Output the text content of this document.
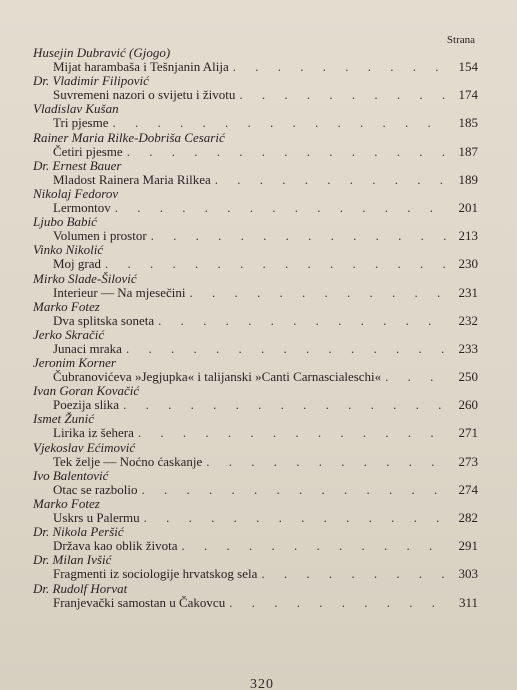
Strana
Husejin Dubravić (Gjogo)
Mijat harambaša i Tešnjanin Alija . . .	154
Dr. Vladimir Filipović
Suvremeni nazori o svijetu i životu . . .	174
Vladislav Kušan
Tri pjesme . . .	185
Rainer Maria Rilke-Dobriša Cesarić
Četiri pjesme . . .	187
Dr. Ernest Bauer
Mladost Rainera Maria Rilkea . . .	189
Nikolaj Fedorov
Lermontov . . .	201
Ljubo Babić
Volumen i prostor . . .	213
Vinko Nikolić
Moj grad . . .	230
Mirko Slade-Šilović
Interieur — Na mjesečini . . .	231
Marko Fotez
Dva splitska soneta . . .	232
Jerko Skračić
Junaci mraka . . .	233
Jeronim Korner
Čubranovićeva »Jegjupka« i talijanski »Canti Carnascialeschi« . . .	250
Ivan Goran Kovačić
Poezija slika . . .	260
Ismet Žunić
Lirika iz šehera . . .	271
Vjekoslav Ećimović
Tek želje — Noćno ćaskanje . . .	273
Ivo Balentović
Otac se razbolio . . .	274
Marko Fotez
Uskrs u Palermu . . .	282
Dr. Nikola Peršić
Država kao oblik života . . .	291
Dr. Milan Ivšić
Fragmenti iz sociologije hrvatskog sela . . .	303
Dr. Rudolf Horvat
Franjevački samostan u Čakovcu . . .	311
320
